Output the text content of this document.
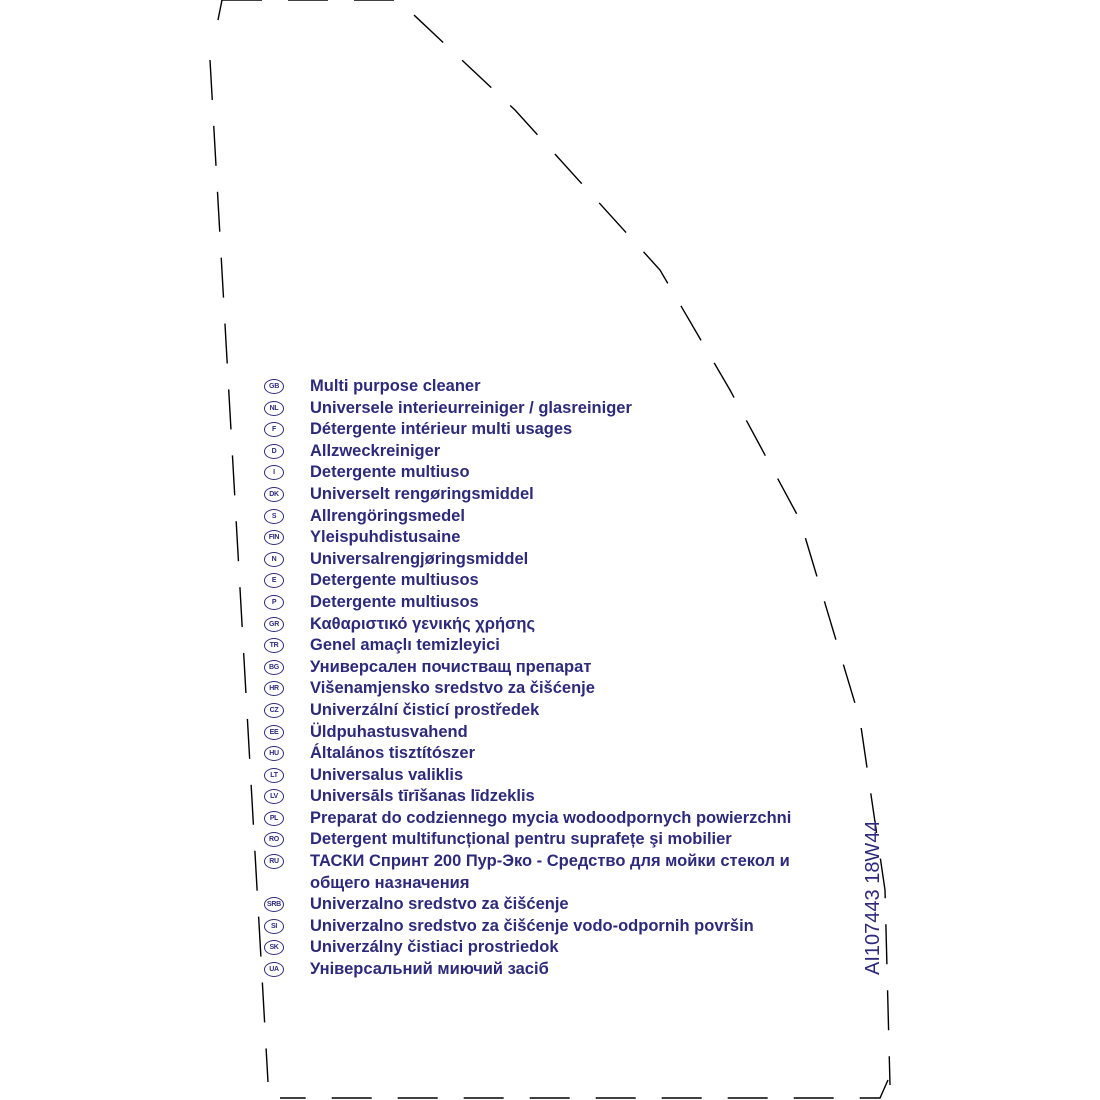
GB	Multi purpose cleaner
NL	Universele interieurreiniger / glasreiniger
F	Détergente intérieur multi usages
D	Allzweckreiniger
I	Detergente multiuso
DK	Universelt rengøringsmiddel
S	Allrengöringsmedel
FIN Yleispuhdistusaine
N	Universalrengjøringsmiddel
E	Detergente multiusos
P	Detergente multiusos
GR	Καθαριστικό γενικής χρήσης
TR	Genel amaçlı temizleyici
BG	Универсален почистващ препарат
HR	Višenamjensko sredstvo za čišćenje
CZ	Univerzální čisticí prostředek
EE	Üldpuhastusvahend
HU	Általános tisztítószer
LT	Universalus valiklis
LV	Universāls tīrīšanas līdzeklis
PL	Preparat do codziennego mycia wodoodpornych powierzchni
RO	Detergent multifuncțional pentru suprafețe şi mobilier
RU	ТАСКИ Спринт 200 Пур-Эко - Средство для мойки стекол и общего назначения
SRB Univerzalno sredstvo za čišćenje
SI	Univerzalno sredstvo za čišćenje vodo-odpornih površin
SK	Univerzálny čistiaci prostriedok
UA	Універсальний миючий засіб	AI107443 18W44
